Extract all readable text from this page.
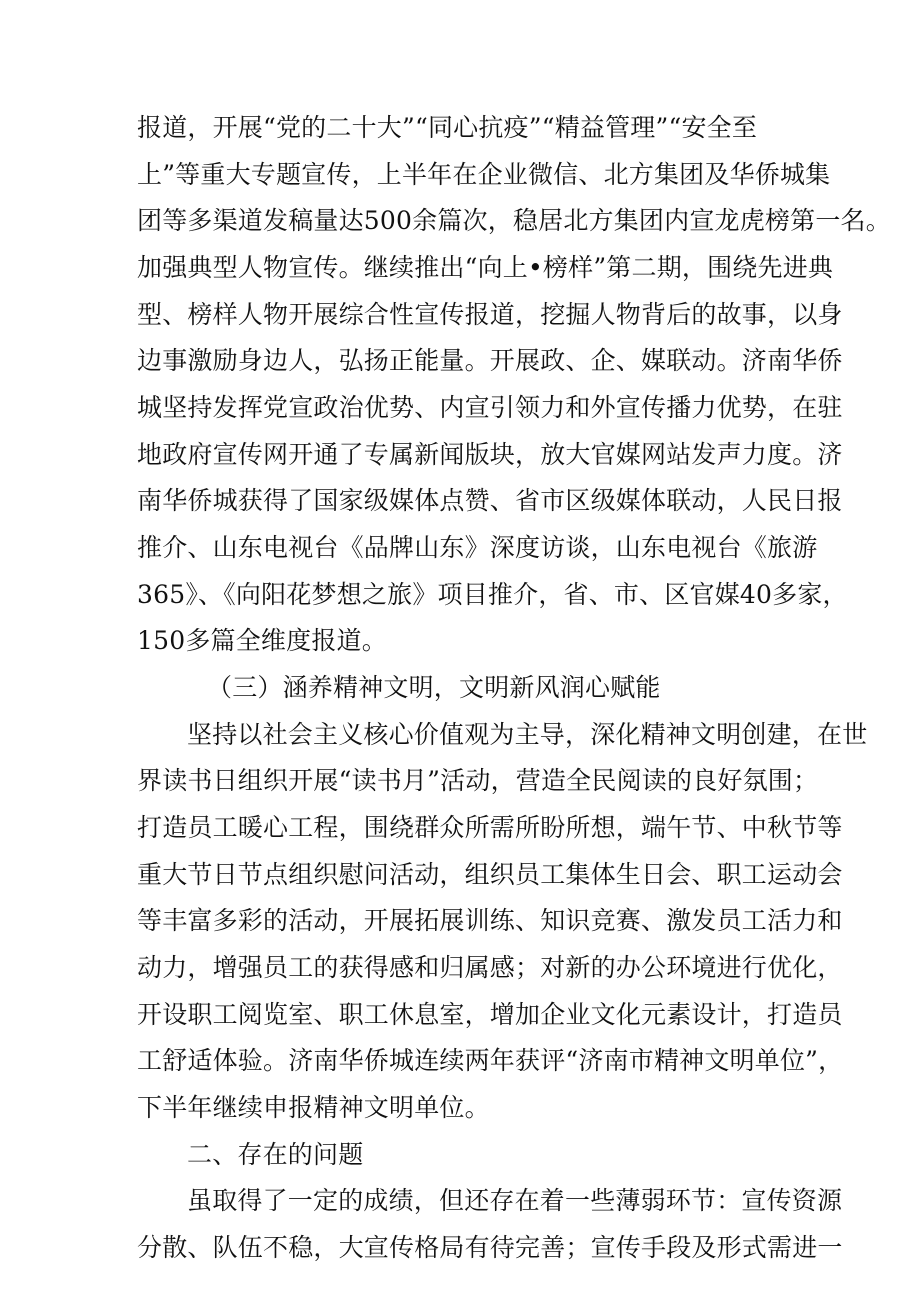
报道，开展“党的二十大”“同心抗疫”“精益管理”“安全至
上”等重大专题宣传，上半年在企业微信、北方集团及华侨城集
团等多渠道发稿量达500余篇次，稳居北方集团内宣龙虎榜第一名。
加强典型人物宣传。继续推出“向上•榜样”第二期，围绕先进典
型、榜样人物开展综合性宣传报道，挖掘人物背后的故事，以身
边事激励身边人，弘扬正能量。开展政、企、媒联动。济南华侨
城坚持发挥党宣政治优势、内宣引领力和外宣传播力优势，在驻
地政府宣传网开通了专属新闻版块，放大官媒网站发声力度。济
南华侨城获得了国家级媒体点赞、省市区级媒体联动，人民日报
推介、山东电视台《品牌山东》深度访谈，山东电视台《旅游
365》、《向阳花梦想之旅》项目推介，省、市、区官媒40多家，
150多篇全维度报道。
（三）涵养精神文明，文明新风润心赋能
坚持以社会主义核心价值观为主导，深化精神文明创建，在世
界读书日组织开展“读书月”活动，营造全民阅读的良好氛围；
打造员工暖心工程，围绕群众所需所盼所想，端午节、中秋节等
重大节日节点组织慰问活动，组织员工集体生日会、职工运动会
等丰富多彩的活动，开展拓展训练、知识竞赛、激发员工活力和
动力，增强员工的获得感和归属感；对新的办公环境进行优化，
开设职工阅览室、职工休息室，增加企业文化元素设计，打造员
工舒适体验。济南华侨城连续两年获评“济南市精神文明单位”，
下半年继续申报精神文明单位。
二、存在的问题
虽取得了一定的成绩，但还存在着一些薄弱环节：宣传资源
分散、队伍不稳，大宣传格局有待完善；宣传手段及形式需进一
